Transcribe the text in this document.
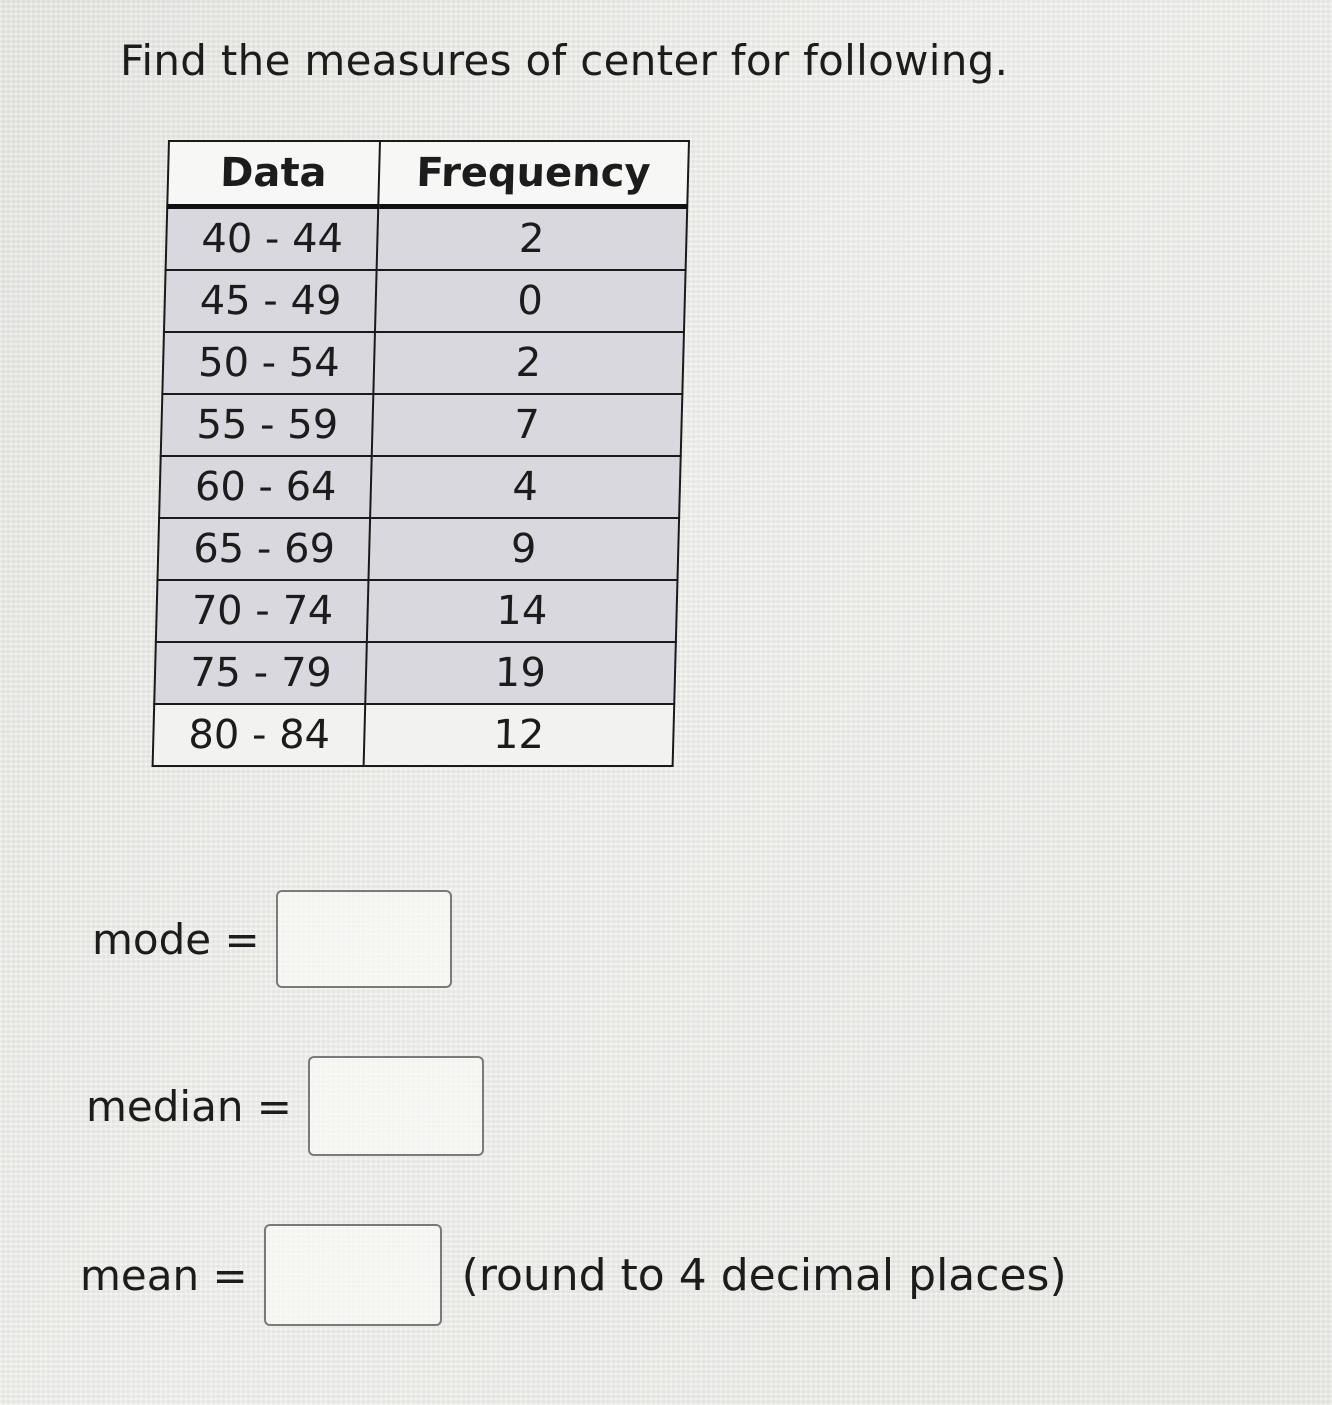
Find the measures of center for following.
Data	Frequency
40 - 44	2
45 - 49	0
50 - 54	2
55 - 59	7
60 - 64	4
65 - 69	9
70 - 74	14
75 - 79	19
80 - 84	12
mode =
median =
mean =	(round to 4 decimal places)
